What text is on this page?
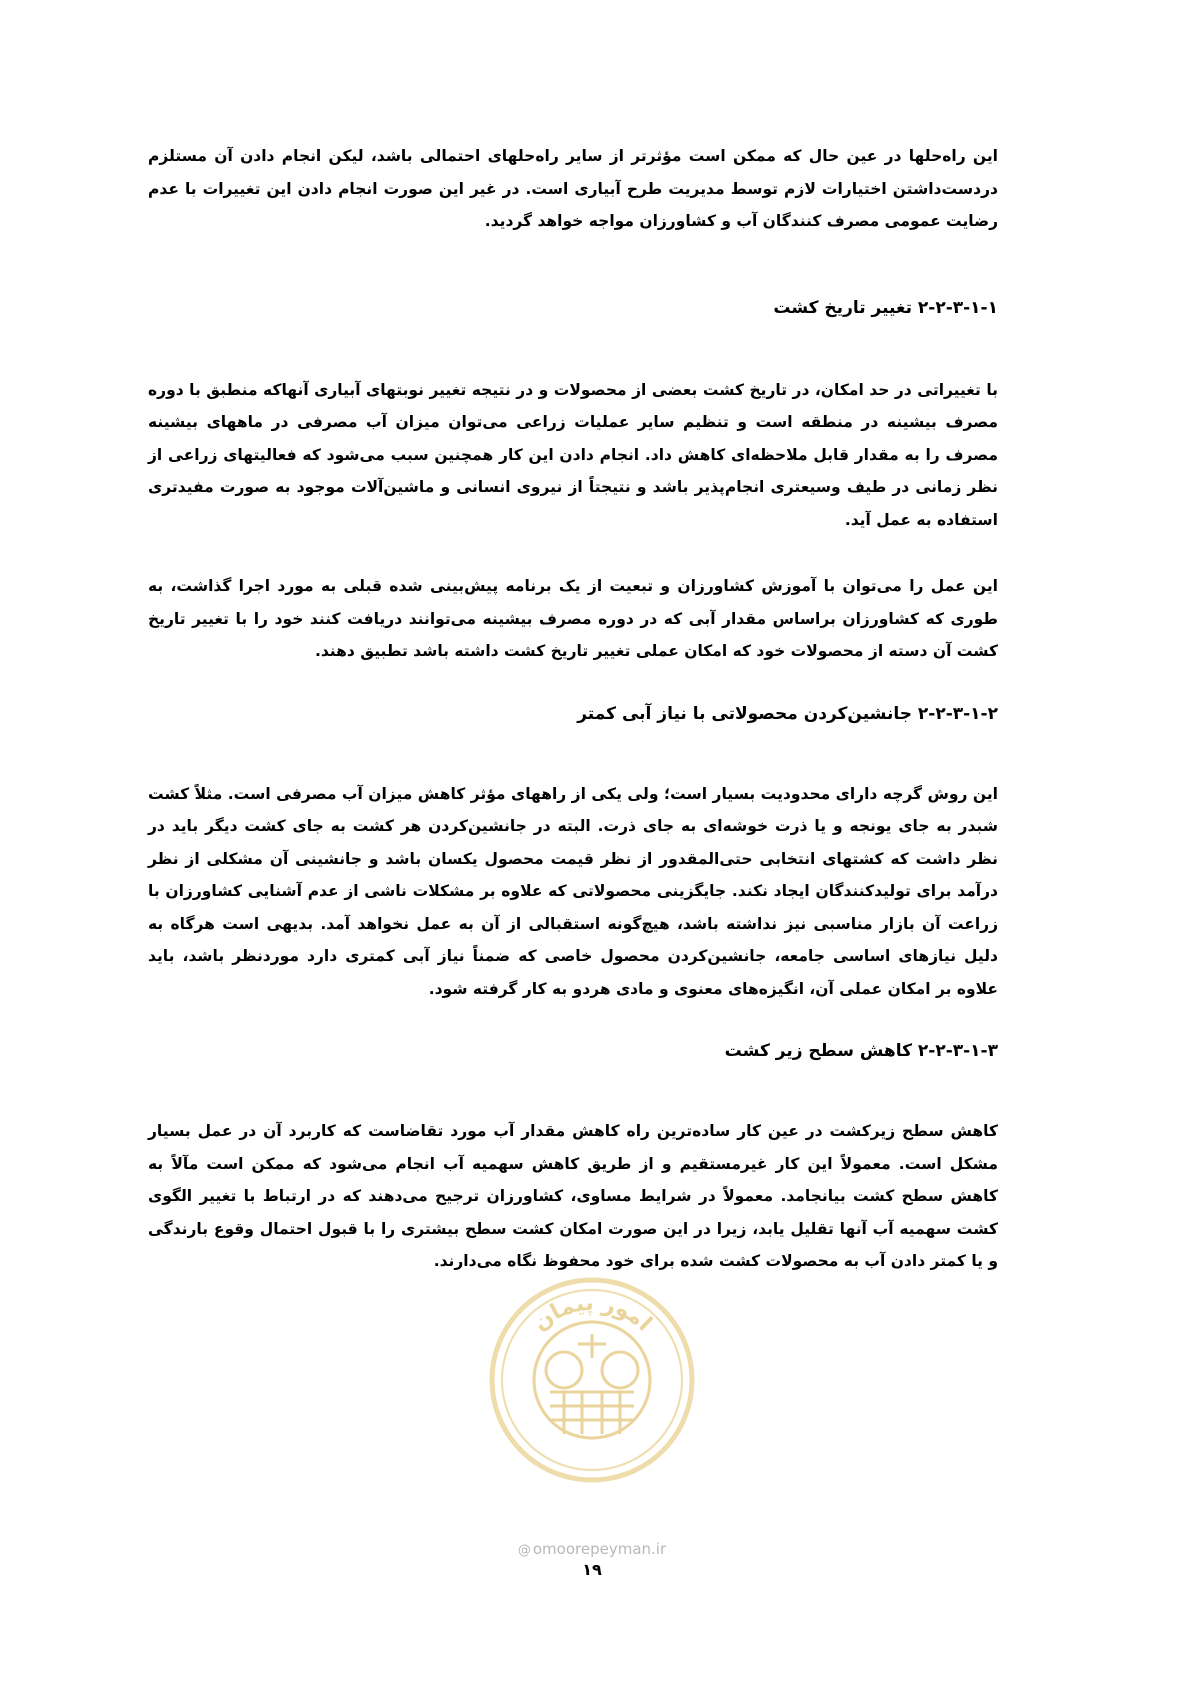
این راه‌حلها در عین حال که ممکن است مؤثرتر از سایر راه‌حلهای احتمالی باشد، لیکن انجام دادن آن مستلزم دردست‌داشتن اختیارات لازم توسط مدیریت طرح آبیاری است. در غیر این صورت انجام دادن این تغییرات با عدم رضایت عمومی مصرف کنندگان آب و کشاورزان مواجه خواهد گردید.

۲-۲-۳-۱-۱ تغییر تاریخ کشت

با تغییراتی در حد امکان، در تاریخ کشت بعضی از محصولات و در نتیجه تغییر نوبتهای آبیاری آنهاکه منطبق با دوره مصرف بیشینه در منطقه است و تنظیم سایر عملیات زراعی می‌توان میزان آب مصرفی در ماههای بیشینه مصرف را به مقدار قابل ملاحظه‌ای کاهش داد. انجام دادن این کار همچنین سبب می‌شود که فعالیتهای زراعی از نظر زمانی در طیف وسیعتری انجام‌پذیر باشد و نتیجتاً از نیروی انسانی و ماشین‌آلات موجود به صورت مفیدتری استفاده به عمل آید.

این عمل را می‌توان با آموزش کشاورزان و تبعیت از یک برنامه پیش‌بینی شده قبلی به مورد اجرا گذاشت، به طوری که کشاورزان براساس مقدار آبی که در دوره مصرف بیشینه می‌توانند دریافت کنند خود را با تغییر تاریخ کشت آن دسته از محصولات خود که امکان عملی تغییر تاریخ کشت داشته باشد تطبیق دهند.

۲-۲-۳-۱-۲ جانشین‌کردن محصولاتی با نیاز آبی کمتر

این روش گرچه دارای محدودیت بسیار است؛ ولی یکی از راههای مؤثر کاهش میزان آب مصرفی است. مثلاً کشت شبدر به جای یونجه و یا ذرت خوشه‌ای به جای ذرت. البته در جانشین‌کردن هر کشت به جای کشت دیگر باید در نظر داشت که کشتهای انتخابی حتی‌المقدور از نظر قیمت محصول یکسان باشد و جانشینی آن مشکلی از نظر درآمد برای تولیدکنندگان ایجاد نکند. جایگزینی محصولاتی که علاوه بر مشکلات ناشی از عدم آشنایی کشاورزان با زراعت آن بازار مناسبی نیز نداشته باشد، هیچ‌گونه استقبالی از آن به عمل نخواهد آمد. بدیهی است هرگاه به دلیل نیازهای اساسی جامعه، جانشین‌کردن محصول خاصی که ضمناً نیاز آبی کمتری دارد موردنظر باشد، باید علاوه بر امکان عملی آن، انگیزه‌های معنوی و مادی هردو به کار گرفته شود.

۲-۲-۳-۱-۳ کاهش سطح زیر کشت

کاهش سطح زیرکشت در عین کار ساده‌ترین راه کاهش مقدار آب مورد تقاضاست که کاربرد آن در عمل بسیار مشکل است. معمولاً این کار غیرمستقیم و از طریق کاهش سهمیه آب انجام می‌شود که ممکن است مآلاً به کاهش سطح کشت بیانجامد. معمولاً در شرایط مساوی، کشاورزان ترجیح می‌دهند که در ارتباط با تغییر الگوی کشت سهمیه آب آنها تقلیل یابد، زیرا در این صورت امکان کشت سطح بیشتری را با قبول احتمال وقوع بارندگی و یا کمتر دادن آب به محصولات کشت شده برای خود محفوظ نگاه می‌دارند.

امور پیمان
@ omoorepeyman.ir
۱۹
